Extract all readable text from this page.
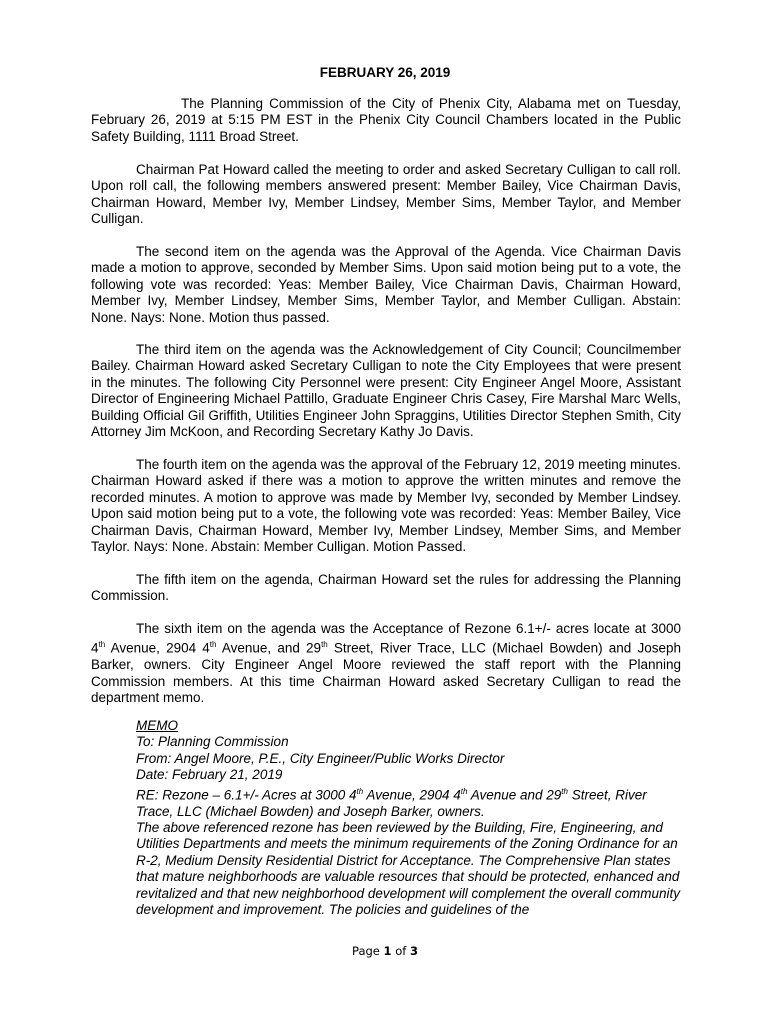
FEBRUARY 26, 2019

The Planning Commission of the City of Phenix City, Alabama met on Tuesday, February 26, 2019 at 5:15 PM EST in the Phenix City Council Chambers located in the Public Safety Building, 1111 Broad Street.

Chairman Pat Howard called the meeting to order and asked Secretary Culligan to call roll. Upon roll call, the following members answered present: Member Bailey, Vice Chairman Davis, Chairman Howard, Member Ivy, Member Lindsey, Member Sims, Member Taylor, and Member Culligan.

The second item on the agenda was the Approval of the Agenda. Vice Chairman Davis made a motion to approve, seconded by Member Sims. Upon said motion being put to a vote, the following vote was recorded: Yeas: Member Bailey, Vice Chairman Davis, Chairman Howard, Member Ivy, Member Lindsey, Member Sims, Member Taylor, and Member Culligan. Abstain: None. Nays: None. Motion thus passed.

The third item on the agenda was the Acknowledgement of City Council; Councilmember Bailey. Chairman Howard asked Secretary Culligan to note the City Employees that were present in the minutes. The following City Personnel were present: City Engineer Angel Moore, Assistant Director of Engineering Michael Pattillo, Graduate Engineer Chris Casey, Fire Marshal Marc Wells, Building Official Gil Griffith, Utilities Engineer John Spraggins, Utilities Director Stephen Smith, City Attorney Jim McKoon, and Recording Secretary Kathy Jo Davis.

The fourth item on the agenda was the approval of the February 12, 2019 meeting minutes. Chairman Howard asked if there was a motion to approve the written minutes and remove the recorded minutes. A motion to approve was made by Member Ivy, seconded by Member Lindsey. Upon said motion being put to a vote, the following vote was recorded: Yeas: Member Bailey, Vice Chairman Davis, Chairman Howard, Member Ivy, Member Lindsey, Member Sims, and Member Taylor. Nays: None. Abstain: Member Culligan. Motion Passed.

The fifth item on the agenda, Chairman Howard set the rules for addressing the Planning Commission.

The sixth item on the agenda was the Acceptance of Rezone 6.1+/- acres locate at 3000 4th Avenue, 2904 4th Avenue, and 29th Street, River Trace, LLC (Michael Bowden) and Joseph Barker, owners. City Engineer Angel Moore reviewed the staff report with the Planning Commission members. At this time Chairman Howard asked Secretary Culligan to read the department memo.

MEMO
To: Planning Commission
From: Angel Moore, P.E., City Engineer/Public Works Director
Date: February 21, 2019
RE: Rezone – 6.1+/- Acres at 3000 4th Avenue, 2904 4th Avenue and 29th Street, River Trace, LLC (Michael Bowden) and Joseph Barker, owners.
The above referenced rezone has been reviewed by the Building, Fire, Engineering, and Utilities Departments and meets the minimum requirements of the Zoning Ordinance for an R-2, Medium Density Residential District for Acceptance. The Comprehensive Plan states that mature neighborhoods are valuable resources that should be protected, enhanced and revitalized and that new neighborhood development will complement the overall community development and improvement. The policies and guidelines of the
Page 1 of 3
